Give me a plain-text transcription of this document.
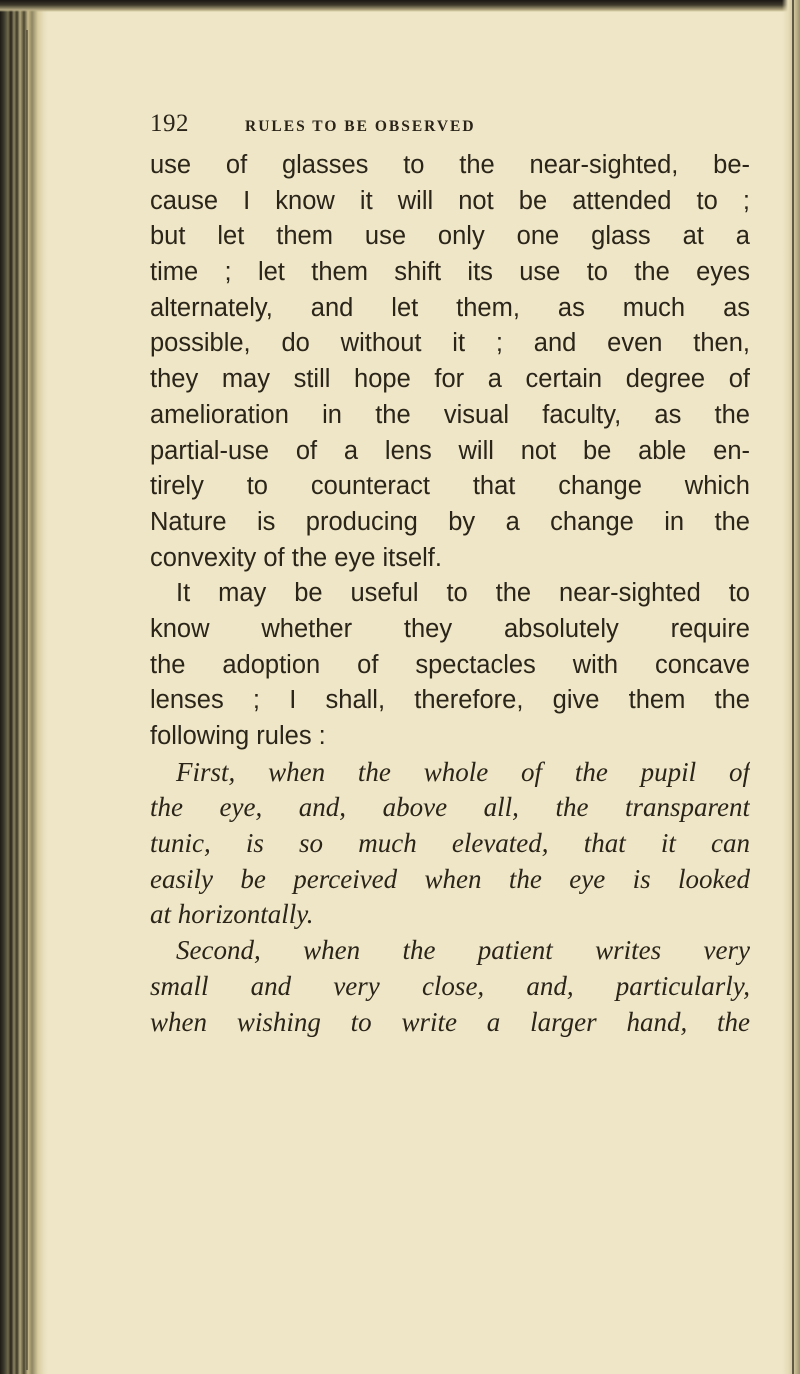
192	RULES TO BE OBSERVED
use of glasses to the near-sighted, be-
cause I know it will not be attended to ;
but let them use only one glass at a
time ; let them shift its use to the eyes
alternately, and let them, as much as
possible, do without it ; and even then,
they may still hope for a certain degree of
amelioration in the visual faculty, as the
partial-use of a lens will not be able en-
tirely to counteract that change which
Nature is producing by a change in the
convexity of the eye itself.
It may be useful to the near-sighted to
know whether they absolutely require
the adoption of spectacles with concave
lenses ; I shall, therefore, give them the
following rules :
First, when the whole of the pupil of
the eye, and, above all, the transparent
tunic, is so much elevated, that it can
easily be perceived when the eye is looked
at horizontally.
Second, when the patient writes very
small and very close, and, particularly,
when wishing to write a larger hand, the
